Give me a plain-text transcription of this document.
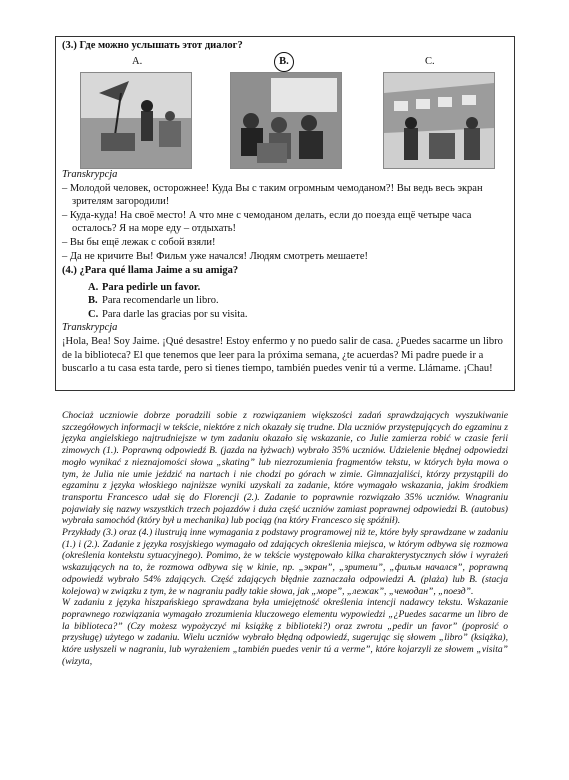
(3.) Где можно услышать этот диалог?
A.	B.	C.

Transkrypcja

– Молодой человек, осторожнее! Куда Вы с таким огромным чемоданом?! Вы ведь весь экран зрителям загородили!

– Куда-куда! На своё место! А что мне с чемоданом делать, если до поезда ещё четыре часа осталось? Я на море еду – отдыхать!

– Вы бы ещё лежак с собой взяли!

– Да не кричите Вы! Фильм уже начался! Людям смотреть мешаете!

(4.) ¿Para qué llama Jaime a su amiga?

A. Para pedirle un favor.

B. Para recomendarle un libro.

C. Para darle las gracias por su visita.

Transkrypcja

¡Hola, Bea! Soy Jaime. ¡Qué desastre! Estoy enfermo y no puedo salir de casa. ¿Puedes sacarme un libro de la biblioteca? El que tenemos que leer para la próxima semana, ¿te acuerdas? Mi padre puede ir a buscarlo a tu casa esta tarde, pero si tienes tiempo, también puedes venir tú a verme. Llámame. ¡Chau!

Chociaż uczniowie dobrze poradzili sobie z rozwiązaniem większości zadań sprawdzających wyszukiwanie szczegółowych informacji w tekście, niektóre z nich okazały się trudne. Dla uczniów przystępujących do egzaminu z języka angielskiego najtrudniejsze w tym zadaniu okazało się wskazanie, co Julie zamierza robić w czasie ferii zimowych (1.). Poprawną odpowiedź B. (jazda na łyżwach) wybrało 35% uczniów. Udzielenie błędnej odpowiedzi mogło wynikać z nieznajomości słowa „skating” lub niezrozumienia fragmentów tekstu, w których była mowa o tym, że Julia nie umie jeździć na nartach i nie chodzi po górach w zimie. Gimnazjaliści, którzy przystąpili do egzaminu z języka włoskiego najniższe wyniki uzyskali za zadanie, które wymagało wskazania, jakim środkiem transportu Francesco udał się do Florencji (2.). Zadanie to poprawnie rozwiązało 35% uczniów. Wnagraniu pojawiały się nazwy wszystkich trzech pojazdów i duża część uczniów zamiast poprawnej odpowiedzi B. (autobus) wybrała samochód (który był u mechanika) lub pociąg (na który Francesco się spóźnił).

Przykłady (3.) oraz (4.) ilustrują inne wymagania z podstawy programowej niż te, które były sprawdzane w zadaniu (1.) i (2.). Zadanie z języka rosyjskiego wymagało od zdających określenia miejsca, w którym odbywa się rozmowa (określenia kontekstu sytuacyjnego). Pomimo, że w tekście występowało kilka charakterystycznych słów i wyrażeń wskazujących na to, że rozmowa odbywa się w kinie, np. „экран”, „зрители”, „фильм начался”, poprawną odpowiedź wybrało 54% zdających. Część zdających błędnie zaznaczała odpowiedzi A. (plaża) lub B. (stacja kolejowa) w związku z tym, że w nagraniu padły takie słowa, jak „море”, „лежак”, „чемодан”, „поезд”.

W zadaniu z języka hiszpańskiego sprawdzana była umiejętność określenia intencji nadawcy tekstu. Wskazanie poprawnego rozwiązania wymagało zrozumienia kluczowego elementu wypowiedzi „¿Puedes sacarme un libro de la biblioteca?” (Czy możesz wypożyczyć mi książkę z biblioteki?) oraz zwrotu „pedir un favor” (poprosić o przysługę) użytego w zadaniu. Wielu uczniów wybrało błędną odpowiedź, sugerując się słowem „libro” (książka), które usłyszeli w nagraniu, lub wyrażeniem „también puedes venir tú a verme”, które kojarzyli ze słowem „visita” (wizyta,
